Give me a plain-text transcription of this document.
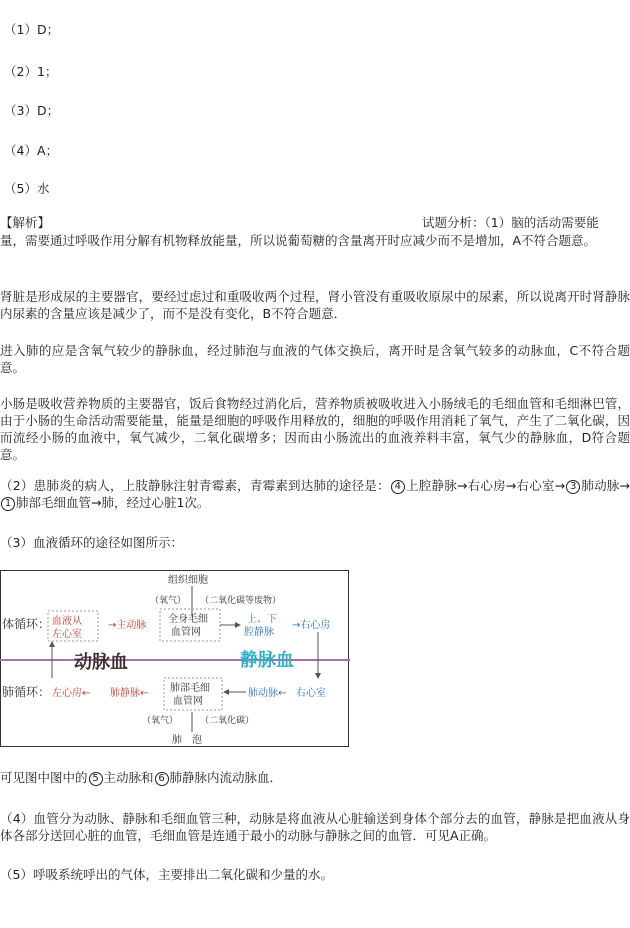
（1）D；
（2）1；
（3）D；
（4）A；
（5）水
【解析】	试题分析：（1）脑的活动需要能
量，需要通过呼吸作用分解有机物释放能量，所以说葡萄糖的含量离开时应减少而不是增加，A不符合题意。
肾脏是形成尿的主要器官，要经过虑过和重吸收两个过程，肾小管没有重吸收原尿中的尿素，所以说离开时肾静脉内尿素的含量应该是减少了，而不是没有变化，B不符合题意．
进入肺的应是含氧气较少的静脉血，经过肺泡与血液的气体交换后，离开时是含氧气较多的动脉血，C不符合题意。
小肠是吸收营养物质的主要器官，饭后食物经过消化后，营养物质被吸收进入小肠绒毛的毛细血管和毛细淋巴管，由于小肠的生命活动需要能量，能量是细胞的呼吸作用释放的，细胞的呼吸作用消耗了氧气，产生了二氧化碳，因而流经小肠的血液中，氧气减少，二氧化碳增多；因而由小肠流出的血液养料丰富，氧气少的静脉血，D符合题意。
（2）患肺炎的病人，上肢静脉注射青霉素，青霉素到达肺的途径是： 4 上腔静脉→右心房→右心室→ 3 肺动脉→1 肺部毛细血管→肺，经过心脏1次。
（3）血液循环的途径如图所示：
组织细胞
（氧气） （二氧化碳等废物）
体循环： 血液从
左心室
→主动脉
全身毛细
血管网
上、下
腔静脉
→右心房
动脉血	静脉血
肺循环： 左心房← 肺静脉← 肺部毛细
血管网
肺动脉← 右心室
（氧气） （二氧化碳）
肺　泡
可见图中图中的 5 主动脉和 6 肺静脉内流动脉血．
（4）血管分为动脉、静脉和毛细血管三种，动脉是将血液从心脏输送到身体个部分去的血管，静脉是把血液从身体各部分送回心脏的血管，毛细血管是连通于最小的动脉与静脉之间的血管．可见A正确。
（5）呼吸系统呼出的气体，主要排出二氧化碳和少量的水。
